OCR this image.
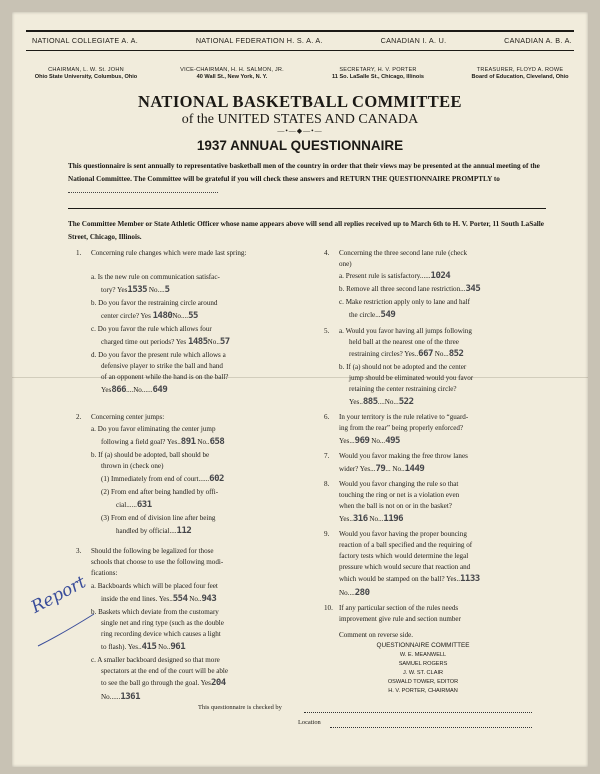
NATIONAL COLLEGIATE A. A.	NATIONAL FEDERATION H. S. A. A.	CANADIAN I. A. U.	CANADIAN A. B. A.
CHAIRMAN, L. W. St. JOHN
Ohio State University, Columbus, Ohio
VICE-CHAIRMAN, H. H. SALMON, JR.
40 Wall St., New York, N. Y.
SECRETARY, H. V. PORTER
11 So. LaSalle St., Chicago, Illinois
TREASURER, FLOYD A. ROWE
Board of Education, Cleveland, Ohio
NATIONAL BASKETBALL COMMITTEE
of the UNITED STATES AND CANADA
—•—◆—•—
1937 ANNUAL QUESTIONNAIRE
This questionnaire is sent annually to representative basketball men of the country in order that their views may be presented at the annual meeting of the National Committee. The Committee will be grateful if you will check these answers and RETURN THE QUESTIONNAIRE PROMPTLY to
The Committee Member or State Athletic Officer whose name appears above will send all replies received up to March 6th to H. V. Porter, 11 South LaSalle Street, Chicago, Illinois.
1. Concerning rule changes which were made last spring:
a. Is the new rule on communication satisfac-
tory? Yes1535 No....5
b. Do you favor the restraining circle around
center circle? Yes 1480No....55
c. Do you favor the rule which allows four
charged time out periods? Yes 1485No..57
d. Do you favor the present rule which allows a
defensive player to strike the ball and hand
of an opponent while the hand is on the ball?
Yes866....No......649
2. Concerning center jumps:
a. Do you favor eliminating the center jump
following a field goal? Yes..891 No..658
b. If (a) should be adopted, ball should be
thrown in (check one)
(1) Immediately from end of court......602
(2) From end after being handled by offi-
cial......631
(3) From end of division line after being
handled by official....112
3. Should the following be legalized for those
schools that choose to use the following modi-
fications:
a. Backboards which will be placed four feet
inside the end lines. Yes..554 No..943
b. Baskets which deviate from the customary
single net and ring type (such as the double
ring recording device which causes a light
to flash). Yes..415 No..961
c. A smaller backboard designed so that more
spectators at the end of the court will be able
to see the ball go through the goal. Yes204
No......1361
4. Concerning the three second lane rule (check
one)
a. Present rule is satisfactory......1024
b. Remove all three second lane restriction...345
c. Make restriction apply only to lane and half
the circle...549
5. a. Would you favor having all jumps following
held ball at the nearest one of the three
restraining circles? Yes..667 No...852
b. If (a) should not be adopted and the center
jump should be eliminated would you favor
retaining the center restraining circle?
Yes..885....No...522
6. In your territory is the rule relative to “guard-
ing from the rear” being properly enforced?
Yes...969 No...495
7. Would you favor making the free throw lanes
wider? Yes...79... No..1449
8. Would you favor changing the rule so that
touching the ring or net is a violation even
when the ball is not on or in the basket?
Yes..316 No...1196
9. Would you favor having the proper bouncing
reaction of a ball specified and the requiring of
factory tests which would determine the legal
pressure which would secure that reaction and
which would be stamped on the ball? Yes..1133
No....280
10. If any particular section of the rules needs
improvement give rule and section number
Comment on reverse side.
QUESTIONNAIRE COMMITTEE
W. E. MEANWELL
SAMUEL ROGERS
J. W. ST. CLAIR
OSWALD TOWER, EDITOR
H. V. PORTER, CHAIRMAN
This questionnaire is checked by
Location
Report
